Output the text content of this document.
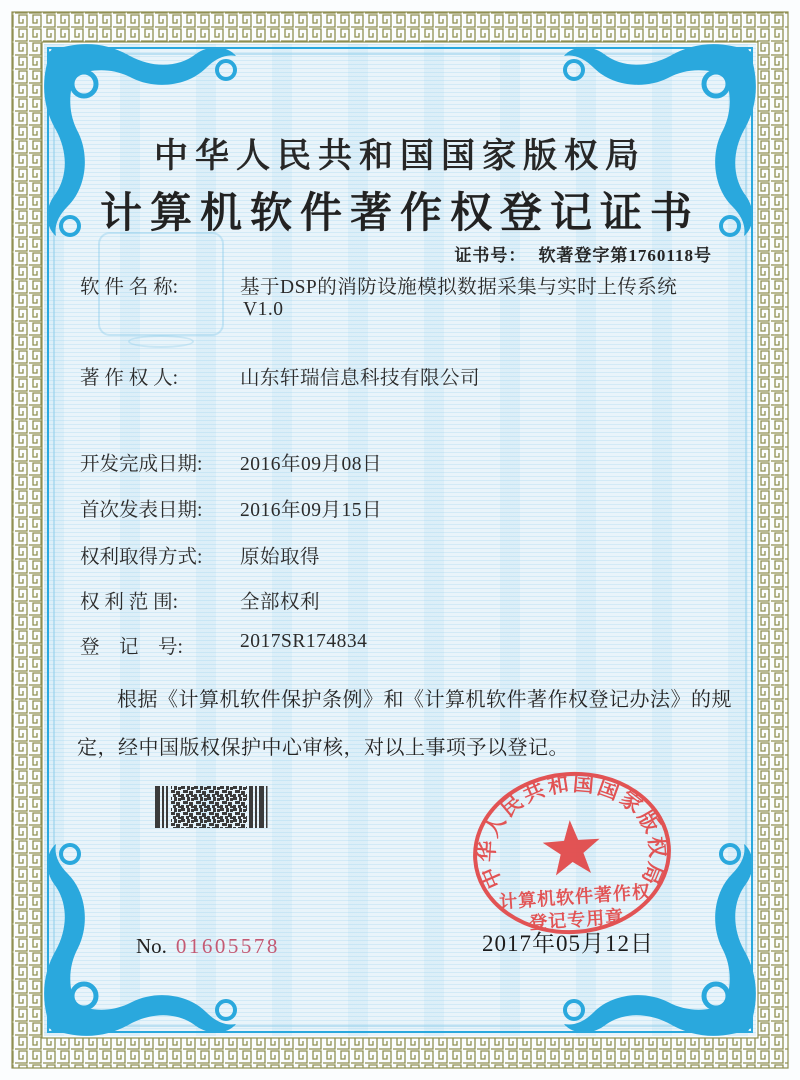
中华人民共和国国家版权局
计算机软件著作权登记证书
证书号： 软著登字第1760118号
软 件 名 称:	基于DSP的消防设施模拟数据采集与实时上传系统
V1.0
著 作 权 人:	山东轩瑞信息科技有限公司
开发完成日期: 2016年09月08日
首次发表日期: 2016年09月15日
权利取得方式: 原始取得
权 利 范 围:	全部权利
登　记　号:	2017SR174834
根据《计算机软件保护条例》和《计算机软件著作权登记办法》的规定，经中国版权保护中心审核，对以上事项予以登记。
中华人民共和国国家版权局
计算机软件著作权
登记专用章
2017年05月12日
No. 01605578
